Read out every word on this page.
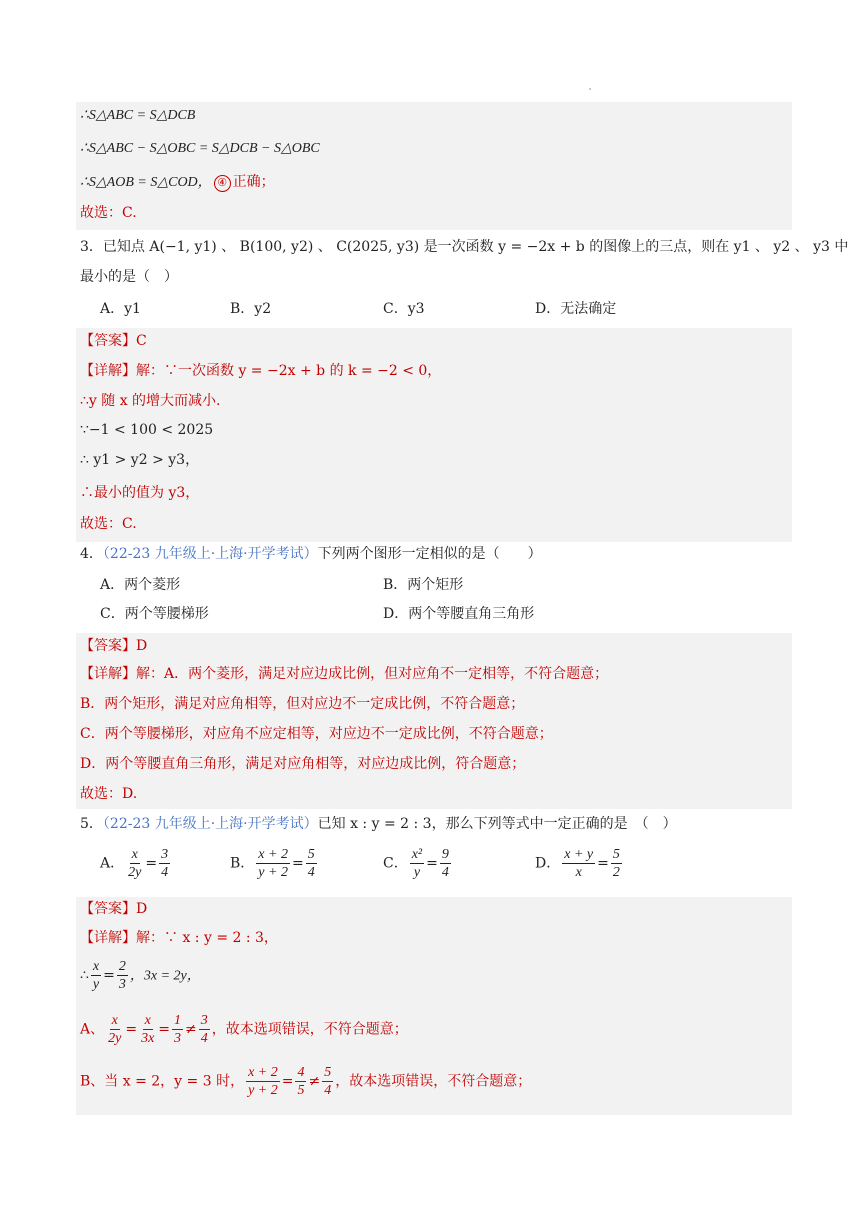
∴S△ABC = S△DCB
∴S△ABC − S△OBC = S△DCB − S△OBC
∴S△AOB = S△COD， ④ 正确；
故选：C.
3．已知点 A(−1, y1) 、 B(100, y2) 、 C(2025, y3) 是一次函数 y = −2x + b 的图像上的三点，则在 y1 、 y2 、 y3 中
最小的是（　）
A．y1	B．y2	C．y3	D．无法确定
【答案】C
【详解】解：∵一次函数 y = −2x + b 的 k = −2 < 0，
∴y 随 x 的增大而减小.
∵−1 < 100 < 2025
∴ y1 > y2 > y3，
∴最小的值为 y3，
故选：C.
4．（22-23 九年级上·上海·开学考试）下列两个图形一定相似的是（　　）
A．两个菱形	B．两个矩形
C．两个等腰梯形	D．两个等腰直角三角形
【答案】D
【详解】解：A．两个菱形，满足对应边成比例，但对应角不一定相等，不符合题意；
B．两个矩形，满足对应角相等，但对应边不一定成比例，不符合题意；
C．两个等腰梯形，对应角不应定相等，对应边不一定成比例，不符合题意；
D．两个等腰直角三角形，满足对应角相等，对应边成比例，符合题意；
故选：D.
5．（22-23 九年级上·上海·开学考试）已知 x : y = 2 : 3，那么下列等式中一定正确的是　（　）
A． $\frac{x}{2y} = \frac{3}{4}$	B． $\frac{x + 2}{y + 2} = \frac{5}{4}$	C． $\frac{\text{x²}}{y} = \frac{9}{4}$	D． $\frac{x + y}{x} = \frac{5}{2}$
【答案】D
【详解】解：∵ x : y = 2 : 3，
∴ $\frac{x}{y} = \frac{2}{3}$ ，3x = 2y，
A、 $\frac{x}{2y} = \frac{x}{3x} = \frac{1}{3} \ne \frac{3}{4}$ ，故本选项错误，不符合题意；
B、当 x = 2，y = 3 时， $\frac{x + 2}{y + 2} = \frac{4}{5} \ne \frac{5}{4}$ ，故本选项错误，不符合题意；
